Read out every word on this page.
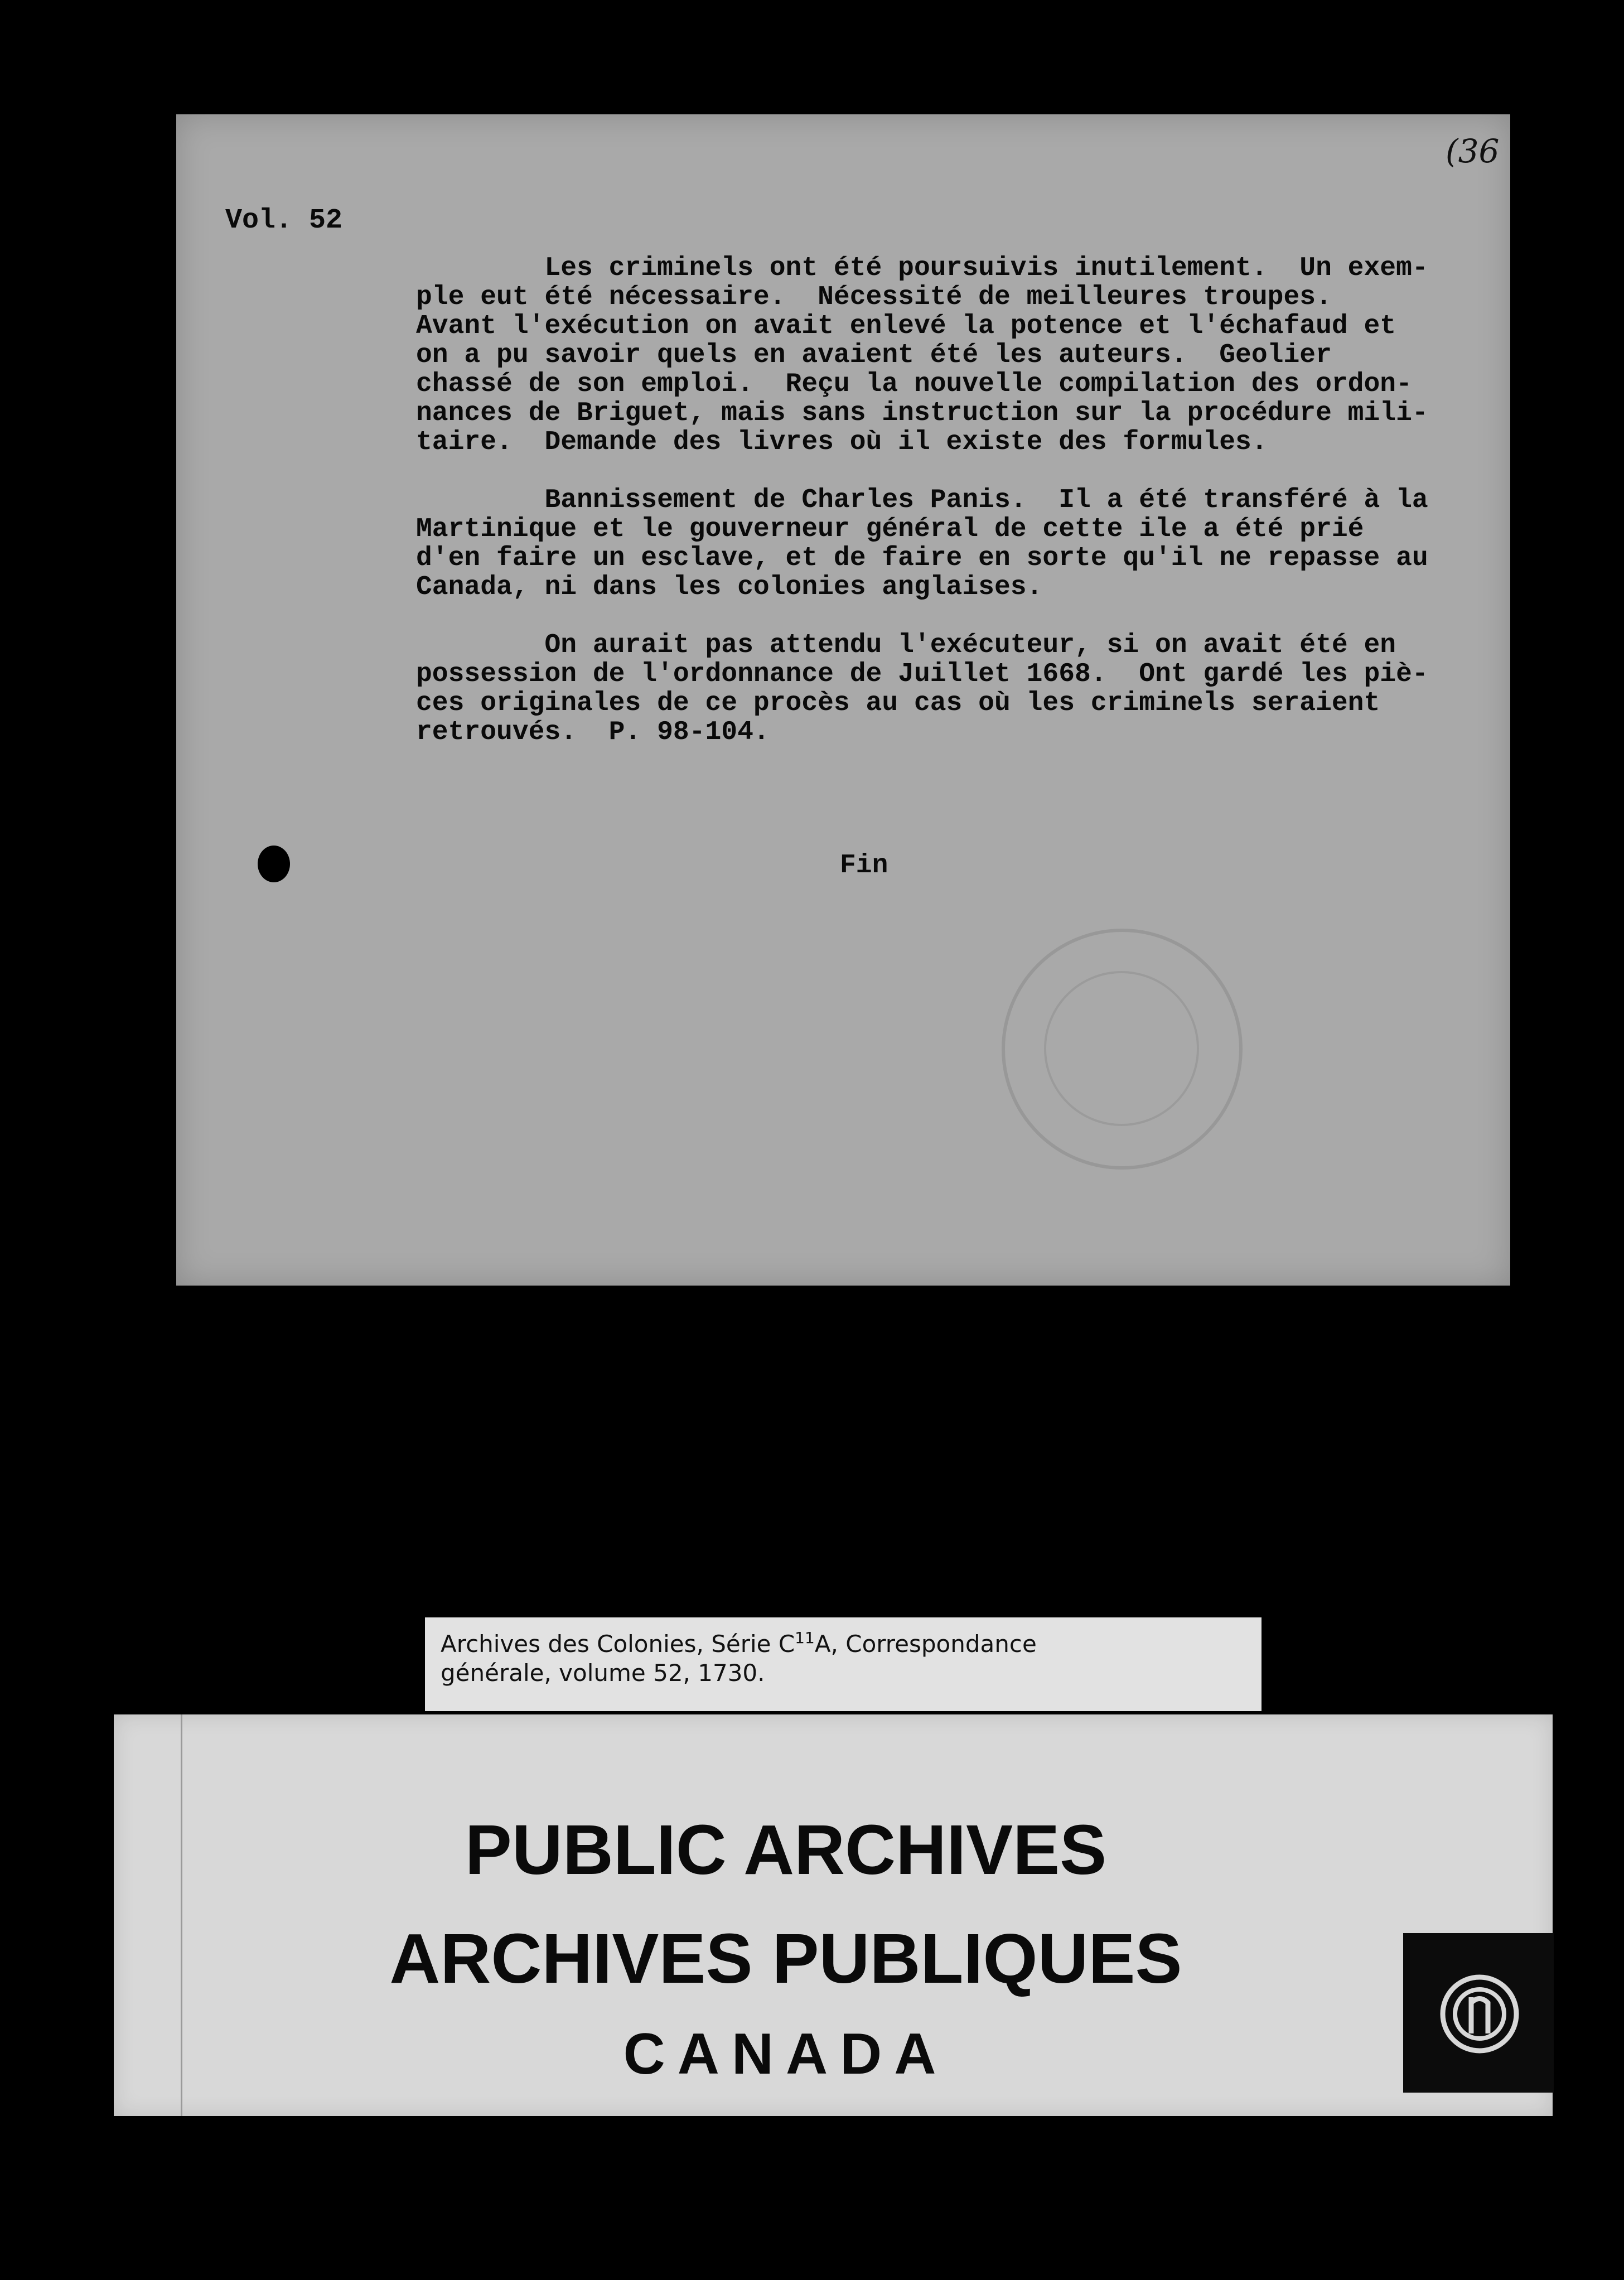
(36
Vol. 52

Les criminels ont été poursuivis inutilement.  Un exem-
ple eut été nécessaire.  Nécessité de meilleures troupes.
Avant l'exécution on avait enlevé la potence et l'échafaud et
on a pu savoir quels en avaient été les auteurs.  Geolier
chassé de son emploi.  Reçu la nouvelle compilation des ordon-
nances de Briguet, mais sans instruction sur la procédure mili-
taire.  Demande des livres où il existe des formules.

Bannissement de Charles Panis.  Il a été transféré à la
Martinique et le gouverneur général de cette ile a été prié
d'en faire un esclave, et de faire en sorte qu'il ne repasse au
Canada, ni dans les colonies anglaises.

On aurait pas attendu l'exécuteur, si on avait été en
possession de l'ordonnance de Juillet 1668.  Ont gardé les piè-
ces originales de ce procès au cas où les criminels seraient
retrouvés.  P. 98-104.

Fin
Archives des Colonies, Série $C^{11}A$, Correspondance
générale, volume 52, 1730.
PUBLIC ARCHIVES
ARCHIVES PUBLIQUES
CANADA
